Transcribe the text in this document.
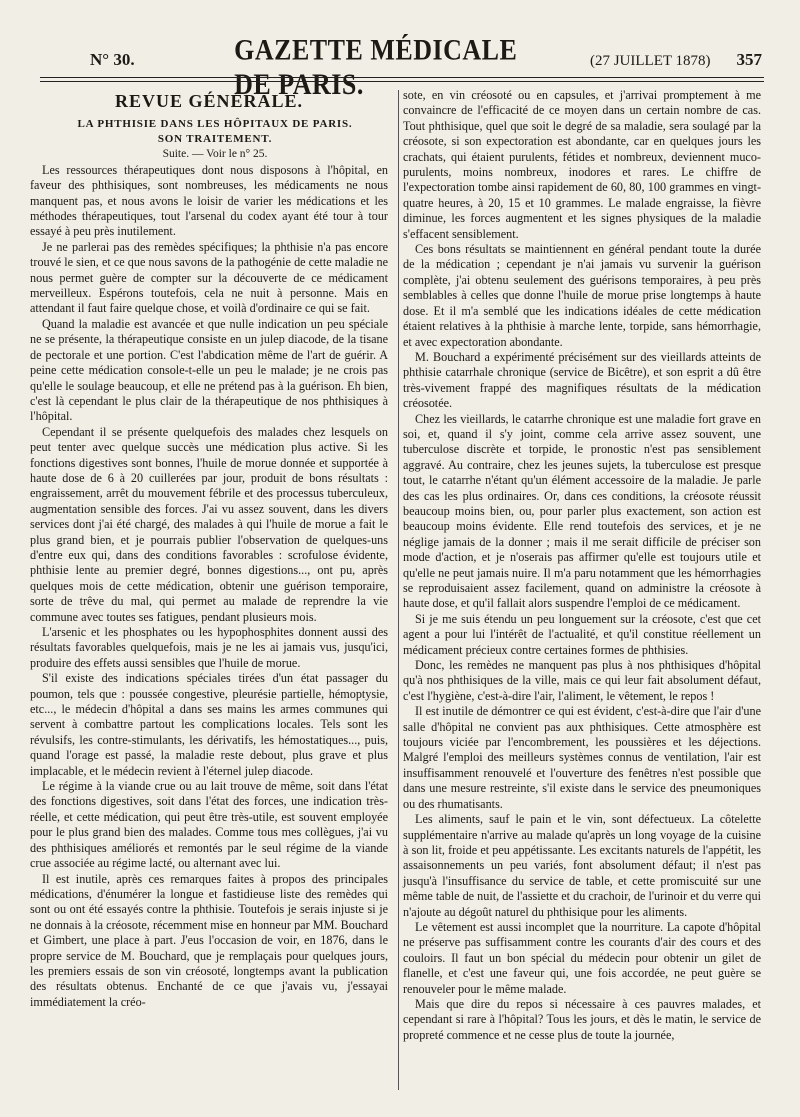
N° 30.	GAZETTE MÉDICALE DE PARIS.
(27 JUILLET 1878)	357
REVUE GÉNÉRALE.

LA PHTHISIE DANS LES HÔPITAUX DE PARIS.

SON TRAITEMENT.

Suite. — Voir le n° 25.

Les ressources thérapeutiques dont nous disposons à l'hôpital, en faveur des phthisiques, sont nombreuses, les médicaments ne nous manquent pas, et nous avons le loisir de varier les médications et les méthodes thérapeutiques, tout l'arsenal du codex ayant été tour à tour essayé à peu près inutilement.

Je ne parlerai pas des remèdes spécifiques; la phthisie n'a pas encore trouvé le sien, et ce que nous savons de la pathogénie de cette maladie ne nous permet guère de compter sur la découverte de ce médicament merveilleux. Espérons toutefois, cela ne nuit à personne. Mais en attendant il faut faire quelque chose, et voilà d'ordinaire ce qui se fait.

Quand la maladie est avancée et que nulle indication un peu spéciale ne se présente, la thérapeutique consiste en un julep diacode, de la tisane de pectorale et une portion. C'est l'abdication même de l'art de guérir. A peine cette médication console-t-elle un peu le malade; je ne crois pas qu'elle le soulage beaucoup, et elle ne prétend pas à la guérison. Eh bien, c'est là cependant le plus clair de la thérapeutique de nos phthisiques à l'hôpital.

Cependant il se présente quelquefois des malades chez lesquels on peut tenter avec quelque succès une médication plus active. Si les fonctions digestives sont bonnes, l'huile de morue donnée et supportée à haute dose de 6 à 20 cuillerées par jour, produit de bons résultats : engraissement, arrêt du mouvement fébrile et des processus tuberculeux, augmentation sensible des forces. J'ai vu assez souvent, dans les divers services dont j'ai été chargé, des malades à qui l'huile de morue a fait le plus grand bien, et je pourrais publier l'observation de quelques-uns d'entre eux qui, dans des conditions favorables : scrofulose évidente, phthisie lente au premier degré, bonnes digestions..., ont pu, après quelques mois de cette médication, obtenir une guérison temporaire, sorte de trêve du mal, qui permet au malade de reprendre la vie commune avec toutes ses fatigues, pendant plusieurs mois.

L'arsenic et les phosphates ou les hypophosphites donnent aussi des résultats favorables quelquefois, mais je ne les ai jamais vus, jusqu'ici, produire des effets aussi sensibles que l'huile de morue.

S'il existe des indications spéciales tirées d'un état passager du poumon, tels que : poussée congestive, pleurésie partielle, hémoptysie, etc..., le médecin d'hôpital a dans ses mains les armes communes qui servent à combattre partout les complications locales. Tels sont les révulsifs, les contre-stimulants, les dérivatifs, les hémostatiques..., puis, quand l'orage est passé, la maladie reste debout, plus grave et plus implacable, et le médecin revient à l'éternel julep diacode.

Le régime à la viande crue ou au lait trouve de même, soit dans l'état des fonctions digestives, soit dans l'état des forces, une indication très-réelle, et cette médication, qui peut être très-utile, est souvent employée pour le plus grand bien des malades. Comme tous mes collègues, j'ai vu des phthisiques améliorés et remontés par le seul régime de la viande crue associée au régime lacté, ou alternant avec lui.

Il est inutile, après ces remarques faites à propos des principales médications, d'énumérer la longue et fastidieuse liste des remèdes qui sont ou ont été essayés contre la phthisie. Toutefois je serais injuste si je ne donnais à la créosote, récemment mise en honneur par MM. Bouchard et Gimbert, une place à part. J'eus l'occasion de voir, en 1876, dans le propre service de M. Bouchard, que je remplaçais pour quelques jours, les premiers essais de son vin créosoté, longtemps avant la publication des résultats obtenus. Enchanté de ce que j'avais vu, j'essayai immédiatement la créo-

sote, en vin créosoté ou en capsules, et j'arrivai promptement à me convaincre de l'efficacité de ce moyen dans un certain nombre de cas. Tout phthisique, quel que soit le degré de sa maladie, sera soulagé par la créosote, si son expectoration est abondante, car en quelques jours les crachats, qui étaient purulents, fétides et nombreux, deviennent muco-purulents, moins nombreux, inodores et rares. Le chiffre de l'expectoration tombe ainsi rapidement de 60, 80, 100 grammes en vingt-quatre heures, à 20, 15 et 10 grammes. Le malade engraisse, la fièvre diminue, les forces augmentent et les signes physiques de la maladie s'effacent sensiblement.

Ces bons résultats se maintiennent en général pendant toute la durée de la médication ; cependant je n'ai jamais vu survenir la guérison complète, j'ai obtenu seulement des guérisons temporaires, à peu près semblables à celles que donne l'huile de morue prise longtemps à haute dose. Et il m'a semblé que les indications idéales de cette médication étaient relatives à la phthisie à marche lente, torpide, sans hémorrhagie, et avec expectoration abondante.

M. Bouchard a expérimenté précisément sur des vieillards atteints de phthisie catarrhale chronique (service de Bicêtre), et son esprit a dû être très-vivement frappé des magnifiques résultats de la médication créosotée.

Chez les vieillards, le catarrhe chronique est une maladie fort grave en soi, et, quand il s'y joint, comme cela arrive assez souvent, une tuberculose discrète et torpide, le pronostic n'est pas sensiblement aggravé. Au contraire, chez les jeunes sujets, la tuberculose est presque tout, le catarrhe n'étant qu'un élément accessoire de la maladie. Je parle des cas les plus ordinaires. Or, dans ces conditions, la créosote réussit beaucoup moins bien, ou, pour parler plus exactement, son action est beaucoup moins évidente. Elle rend toutefois des services, et je ne néglige jamais de la donner ; mais il me serait difficile de préciser son mode d'action, et je n'oserais pas affirmer qu'elle est toujours utile et qu'elle ne peut jamais nuire. Il m'a paru notamment que les hémorrhagies se reproduisaient assez facilement, quand on administre la créosote à haute dose, et qu'il fallait alors suspendre l'emploi de ce médicament.

Si je me suis étendu un peu longuement sur la créosote, c'est que cet agent a pour lui l'intérêt de l'actualité, et qu'il constitue réellement un médicament précieux contre certaines formes de phthisies.

Donc, les remèdes ne manquent pas plus à nos phthisiques d'hôpital qu'à nos phthisiques de la ville, mais ce qui leur fait absolument défaut, c'est l'hygiène, c'est-à-dire l'air, l'aliment, le vêtement, le repos !

Il est inutile de démontrer ce qui est évident, c'est-à-dire que l'air d'une salle d'hôpital ne convient pas aux phthisiques. Cette atmosphère est toujours viciée par l'encombrement, les poussières et les déjections. Malgré l'emploi des meilleurs systèmes connus de ventilation, l'air est insuffisamment renouvelé et l'ouverture des fenêtres n'est possible que dans une mesure restreinte, s'il existe dans le service des pneumoniques ou des rhumatisants.

Les aliments, sauf le pain et le vin, sont défectueux. La côtelette supplémentaire n'arrive au malade qu'après un long voyage de la cuisine à son lit, froide et peu appétissante. Les excitants naturels de l'appétit, les assaisonnements un peu variés, font absolument défaut; il n'est pas jusqu'à l'insuffisance du service de table, et cette promiscuité sur une même table de nuit, de l'assiette et du crachoir, de l'urinoir et du verre qui n'ajoute au dégoût naturel du phthisique pour les aliments.

Le vêtement est aussi incomplet que la nourriture. La capote d'hôpital ne préserve pas suffisamment contre les courants d'air des cours et des couloirs. Il faut un bon spécial du médecin pour obtenir un gilet de flanelle, et c'est une faveur qui, une fois accordée, ne peut guère se renouveler pour le même malade.

Mais que dire du repos si nécessaire à ces pauvres malades, et cependant si rare à l'hôpital? Tous les jours, et dès le matin, le service de propreté commence et ne cesse plus de toute la journée,
